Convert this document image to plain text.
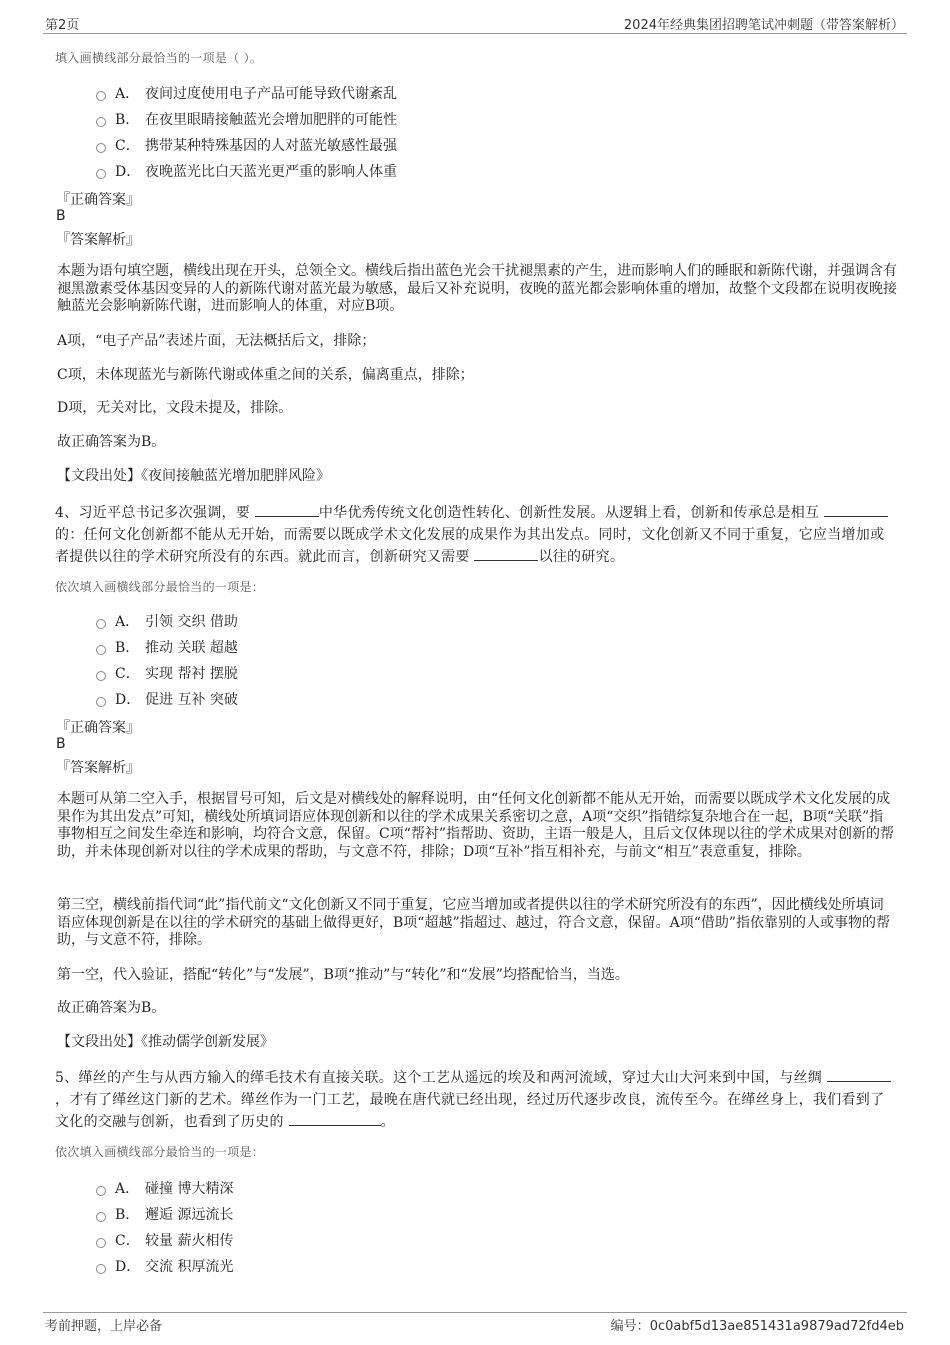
第2页	2024年经典集团招聘笔试冲刺题（带答案解析）
填入画横线部分最恰当的一项是（ ）。
A． 夜间过度使用电子产品可能导致代谢紊乱
B． 在夜里眼睛接触蓝光会增加肥胖的可能性
C． 携带某种特殊基因的人对蓝光敏感性最强
D． 夜晚蓝光比白天蓝光更严重的影响人体重
『正确答案』
B
『答案解析』
本题为语句填空题，横线出现在开头，总领全文。横线后指出蓝色光会干扰褪黑素的产生，进而影响人们的睡眠和新陈代谢，并强调含有褪黑激素受体基因变异的人的新陈代谢对蓝光最为敏感，最后又补充说明，夜晚的蓝光都会影响体重的增加，故整个文段都在说明夜晚接触蓝光会影响新陈代谢，进而影响人的体重，对应B项。
A项，“电子产品”表述片面，无法概括后文，排除；
C项，未体现蓝光与新陈代谢或体重之间的关系，偏离重点，排除；
D项，无关对比，文段未提及，排除。
故正确答案为B。
【文段出处】《夜间接触蓝光增加肥胖风险》
4、习近平总书记多次强调，要	中华优秀传统文化创造性转化、创新性发展。从逻辑上看，创新和传承总是相互 的：任何文化创新都不能从无开始，而需要以既成学术文化发展的成果作为其出发点。同时，文化创新又不同于重复，它应当增加或者提供以往的学术研究所没有的东西。就此而言，创新研究又需要	以往的研究。
依次填入画横线部分最恰当的一项是：
A． 引领 交织 借助
B． 推动 关联 超越
C． 实现 帮衬 摆脱
D． 促进 互补 突破
『正确答案』
B
『答案解析』
本题可从第二空入手，根据冒号可知，后文是对横线处的解释说明，由“任何文化创新都不能从无开始，而需要以既成学术文化发展的成果作为其出发点”可知，横线处所填词语应体现创新和以往的学术成果关系密切之意，A项“交织”指错综复杂地合在一起，B项“关联”指事物相互之间发生牵连和影响，均符合文意，保留。C项“帮衬”指帮助、资助，主语一般是人，且后文仅体现以往的学术成果对创新的帮助，并未体现创新对以往的学术成果的帮助，与文意不符，排除；D项“互补”指互相补充，与前文“相互”表意重复，排除。
第三空，横线前指代词“此”指代前文“文化创新又不同于重复，它应当增加或者提供以往的学术研究所没有的东西”，因此横线处所填词语应体现创新是在以往的学术研究的基础上做得更好，B项“超越”指超过、越过，符合文意，保留。A项“借助”指依靠别的人或事物的帮助，与文意不符，排除。
第一空，代入验证，搭配“转化”与“发展”，B项“推动”与“转化”和“发展”均搭配恰当，当选。
故正确答案为B。
【文段出处】《推动儒学创新发展》
5、缂丝的产生与从西方输入的缂毛技术有直接关联。这个工艺从遥远的埃及和两河流域，穿过大山大河来到中国，与丝绸 ，才有了缂丝这门新的艺术。缂丝作为一门工艺，最晚在唐代就已经出现，经过历代逐步改良，流传至今。在缂丝身上，我们看到了文化的交融与创新，也看到了历史的	。
依次填入画横线部分最恰当的一项是：
A． 碰撞 博大精深
B． 邂逅 源远流长
C． 较量 薪火相传
D． 交流 积厚流光
考前押题，上岸必备	编号：0c0abf5d13ae851431a9879ad72fd4eb
